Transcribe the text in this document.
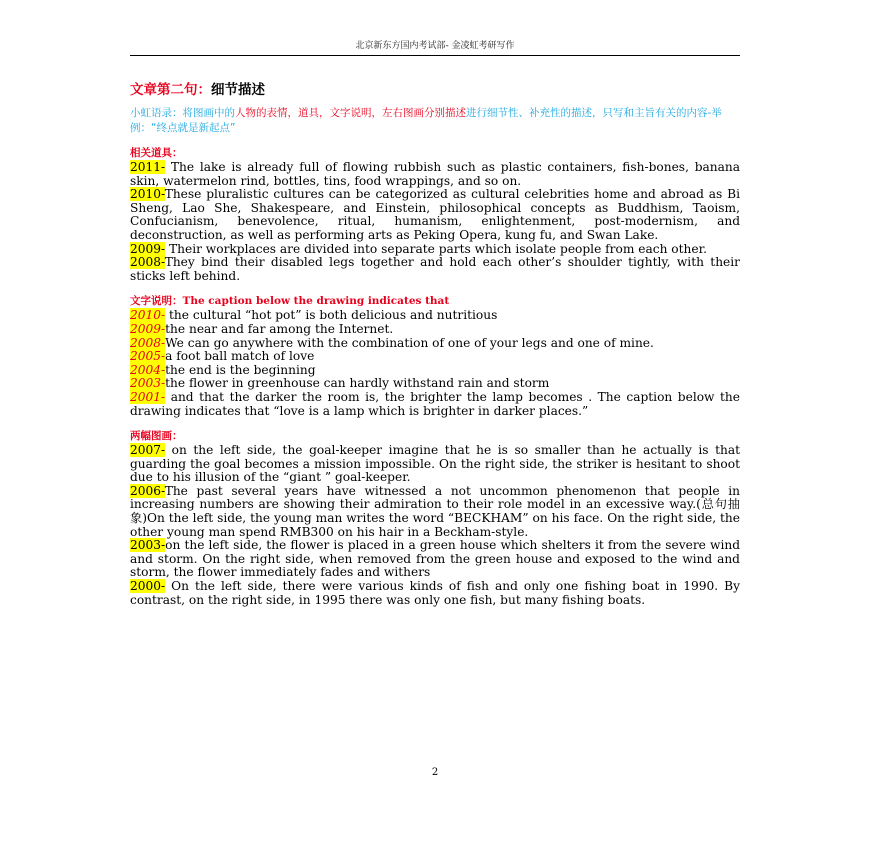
北京新东方国内考试部- 金凌虹考研写作
文章第二句：细节描述
小虹语录：将图画中的人物的表情，道具，文字说明，左右图画分别描述进行细节性、补充性的描述，只写和主旨有关的内容-举例：“终点就是新起点”
相关道具：
2011- The lake is already full of flowing rubbish such as plastic containers, fish-bones, banana skin, watermelon rind, bottles, tins, food wrappings, and so on.
2010-These pluralistic cultures can be categorized as cultural celebrities home and abroad as Bi Sheng, Lao She, Shakespeare, and Einstein, philosophical concepts as Buddhism, Taoism, Confucianism, benevolence, ritual, humanism, enlightenment, post-modernism, and deconstruction, as well as performing arts as Peking Opera, kung fu, and Swan Lake.
2009- Their workplaces are divided into separate parts which isolate people from each other.
2008-They bind their disabled legs together and hold each other’s shoulder tightly, with their sticks left behind.
文字说明：The caption below the drawing indicates that
2010- the cultural “hot pot” is both delicious and nutritious
2009-the near and far among the Internet.
2008-We can go anywhere with the combination of one of your legs and one of mine.
2005-a foot ball match of love
2004-the end is the beginning
2003-the flower in greenhouse can hardly withstand rain and storm
2001- and that the darker the room is, the brighter the lamp becomes . The caption below the drawing indicates that “love is a lamp which is brighter in darker places.”
两幅图画：
2007- on the left side, the goal-keeper imagine that he is so smaller than he actually is that guarding the goal becomes a mission impossible. On the right side, the striker is hesitant to shoot due to his illusion of the “giant ” goal-keeper.
2006-The past several years have witnessed a not uncommon phenomenon that people in increasing numbers are showing their admiration to their role model in an excessive way.(总句抽象)On the left side, the young man writes the word “BECKHAM” on his face. On the right side, the other young man spend RMB300 on his hair in a Beckham-style.
2003-on the left side, the flower is placed in a green house which shelters it from the severe wind and storm. On the right side, when removed from the green house and exposed to the wind and storm, the flower immediately fades and withers
2000- On the left side, there were various kinds of fish and only one fishing boat in 1990. By contrast, on the right side, in 1995 there was only one fish, but many fishing boats.
2
